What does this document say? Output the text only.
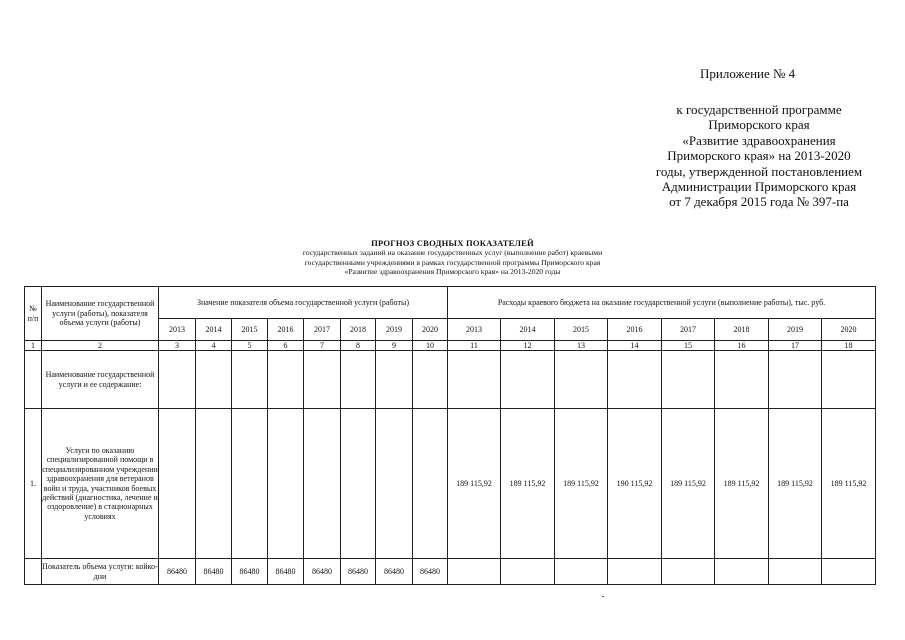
Приложение № 4
к государственной программе
Приморского края
«Развитие здравоохранения
Приморского края» на 2013-2020
годы, утвержденной постановлением
Администрации Приморского края
от 7 декабря 2015 года № 397-па
ПРОГНОЗ СВОДНЫХ ПОКАЗАТЕЛЕЙ
государственных заданий на оказание государственных услуг (выполнение работ) краевыми
государственными учреждениями в рамках государственной программы Приморского края
«Развитие здравоохранения Приморского края» на 2013-2020 годы
№ п/п	Наименование государственной услуги (работы), показателя объема услуги (работы)	Значение показателя объема государственной услуги (работы)								Расходы краевого бюджета на оказание государственной услуги (выполнение работы), тыс. руб.							
		2013	2014	2015	2016	2017	2018	2019	2020	2013	2014	2015	2016	2017	2018	2019	2020
1	2	3	4	5	6	7	8	9	10	11	12	13	14	15	16	17	18
	Наименование государственной услуги и ее содержание:																
1.	Услуги по оказанию специализированной помощи в специализированном учреждении здравоохранения для ветеранов войн и труда, участников боевых действий (диагностика, лечение и оздоровление) в стационарных условиях									189 115,92	189 115,92	189 115,92	190 115,92	189 115,92	189 115,92	189 115,92	189 115,92
	Показатель объема услуги: койко-дни	86480	86480	86480	86480	86480	86480	86480	86480								
